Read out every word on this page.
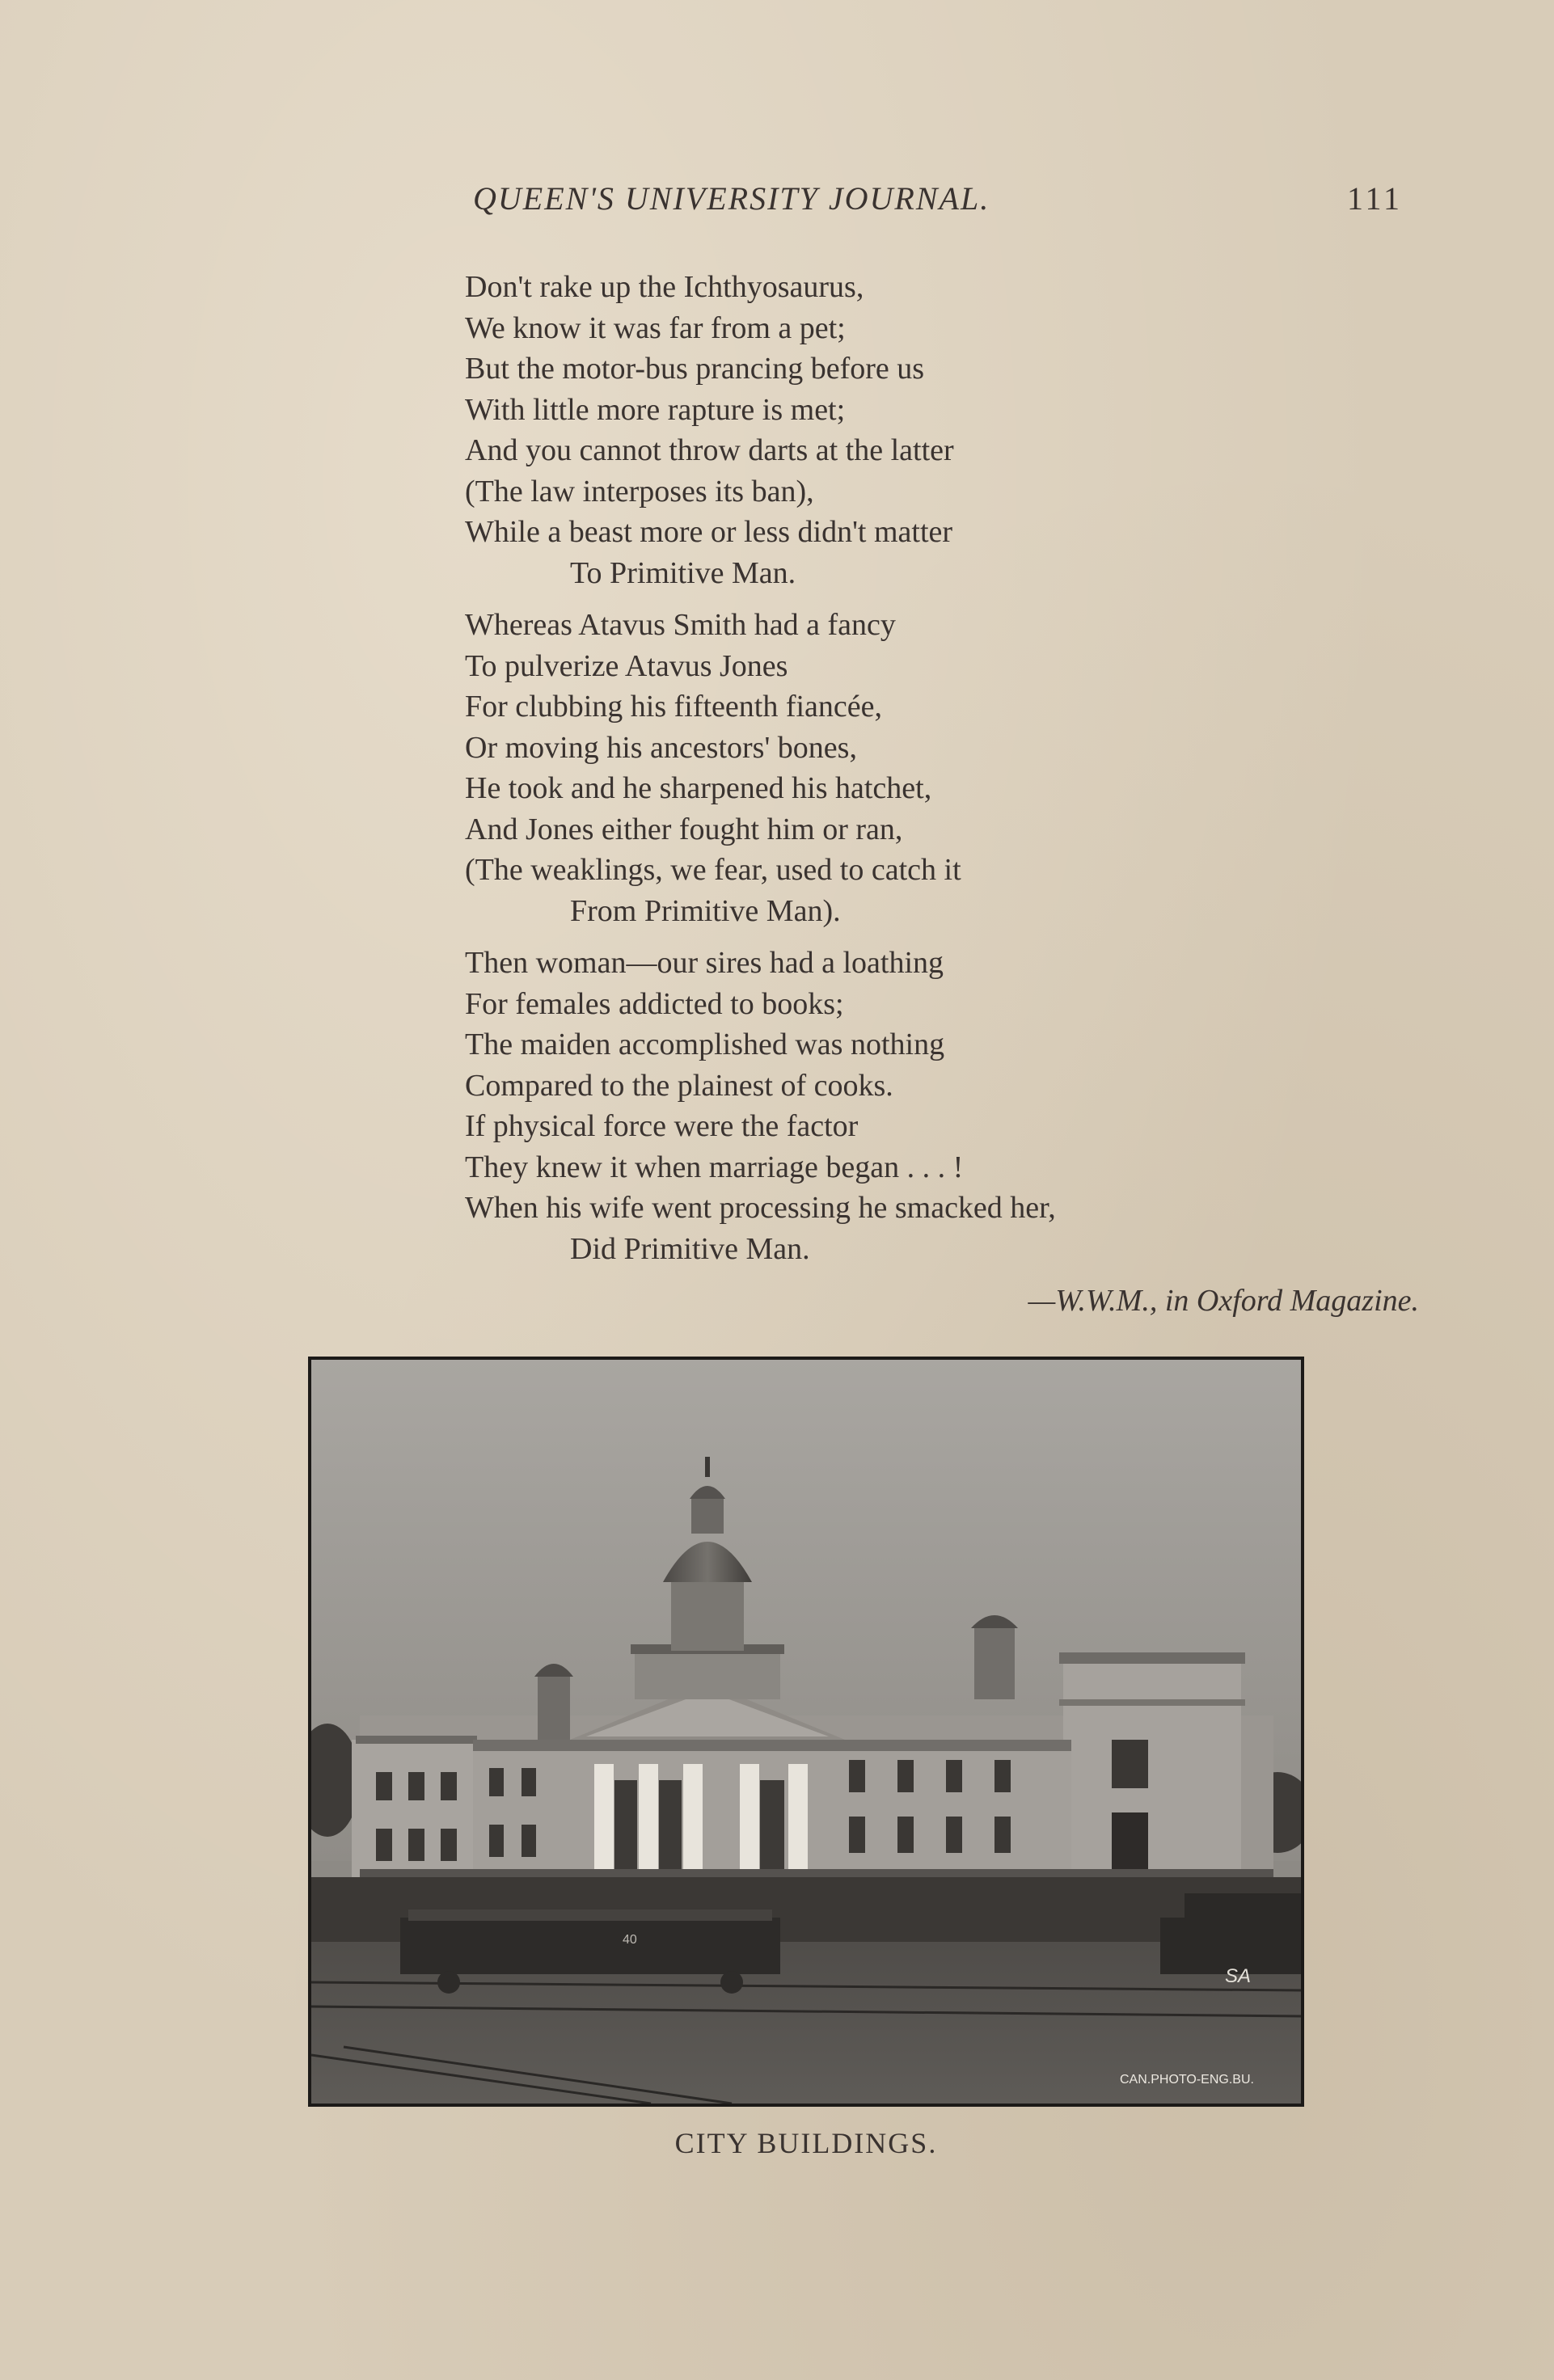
QUEEN'S UNIVERSITY JOURNAL.	111
Don't rake up the Ichthyosaurus,
We know it was far from a pet;
But the motor-bus prancing before us
With little more rapture is met;
And you cannot throw darts at the latter
(The law interposes its ban),
While a beast more or less didn't matter
To Primitive Man.
Whereas Atavus Smith had a fancy
To pulverize Atavus Jones
For clubbing his fifteenth fiancée,
Or moving his ancestors' bones,
He took and he sharpened his hatchet,
And Jones either fought him or ran,
(The weaklings, we fear, used to catch it
From Primitive Man).
Then woman—our sires had a loathing
For females addicted to books;
The maiden accomplished was nothing
Compared to the plainest of cooks.
If physical force were the factor
They knew it when marriage began . . . !
When his wife went processing he smacked her,
Did Primitive Man.
—W.W.M., in Oxford Magazine.
40
SA
CAN.PHOTO-ENG.BU.
CITY BUILDINGS.
